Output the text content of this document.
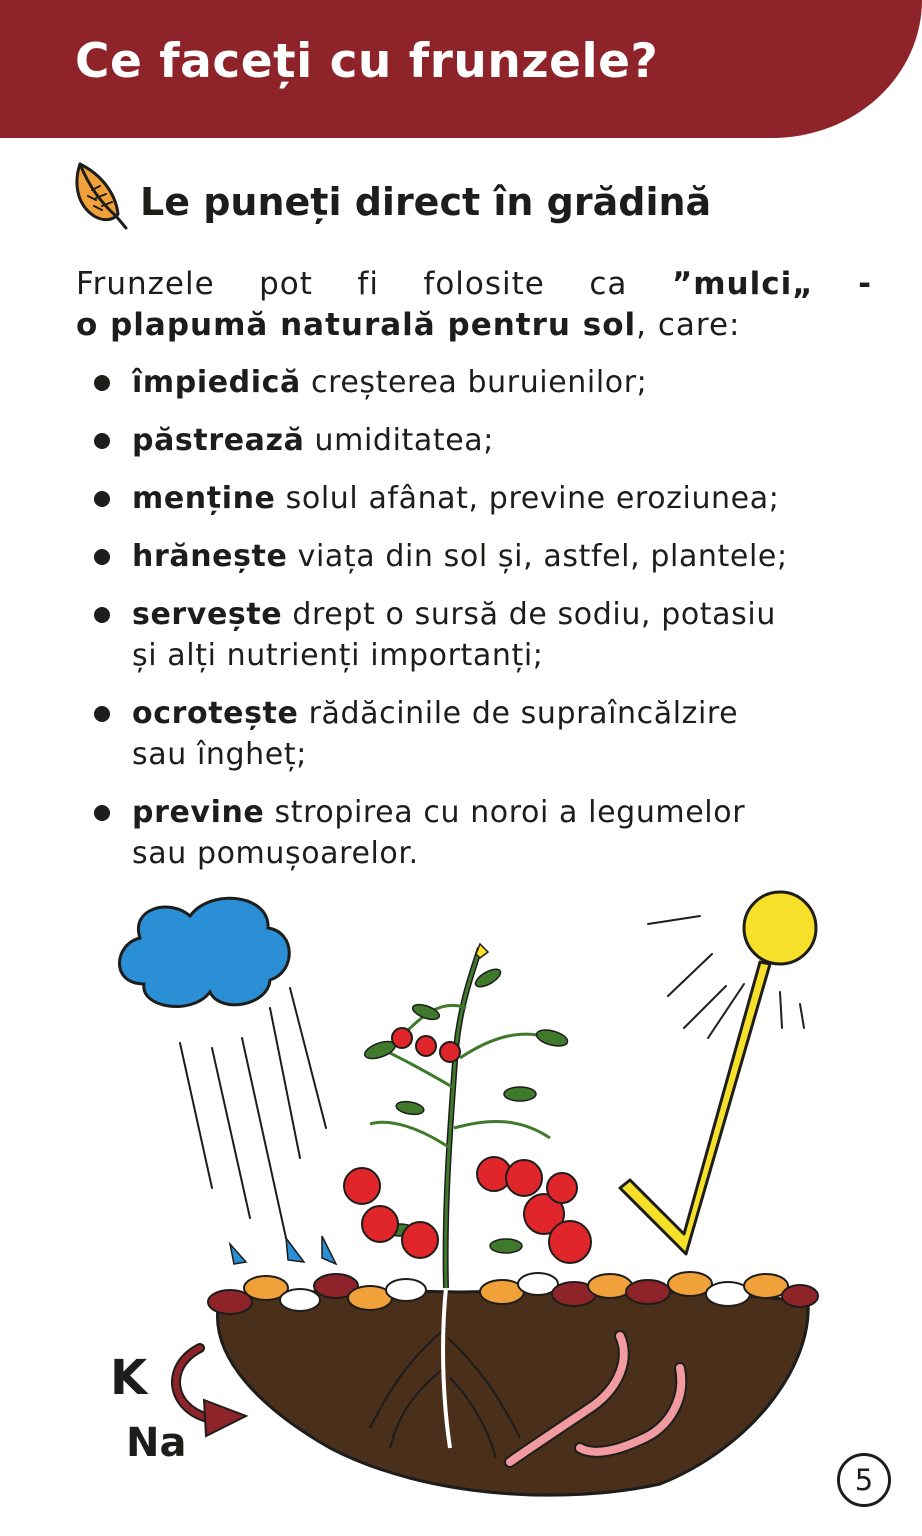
Ce faceți cu frunzele?
Le puneți direct în grădină
Frunzele pot fi folosite ca ”mulci„ -
o plapumă naturală pentru sol, care:
împiedică creșterea buruienilor;
păstrează umiditatea;
menține solul afânat, previne eroziunea;
hrănește viața din sol și, astfel, plantele;
servește drept o sursă de sodiu, potasiu
și alți nutrienți importanți;
ocrotește rădăcinile de supraîncălzire
sau îngheț;
previne stropirea cu noroi a legumelor
sau pomușoarelor.
K
Na
5
